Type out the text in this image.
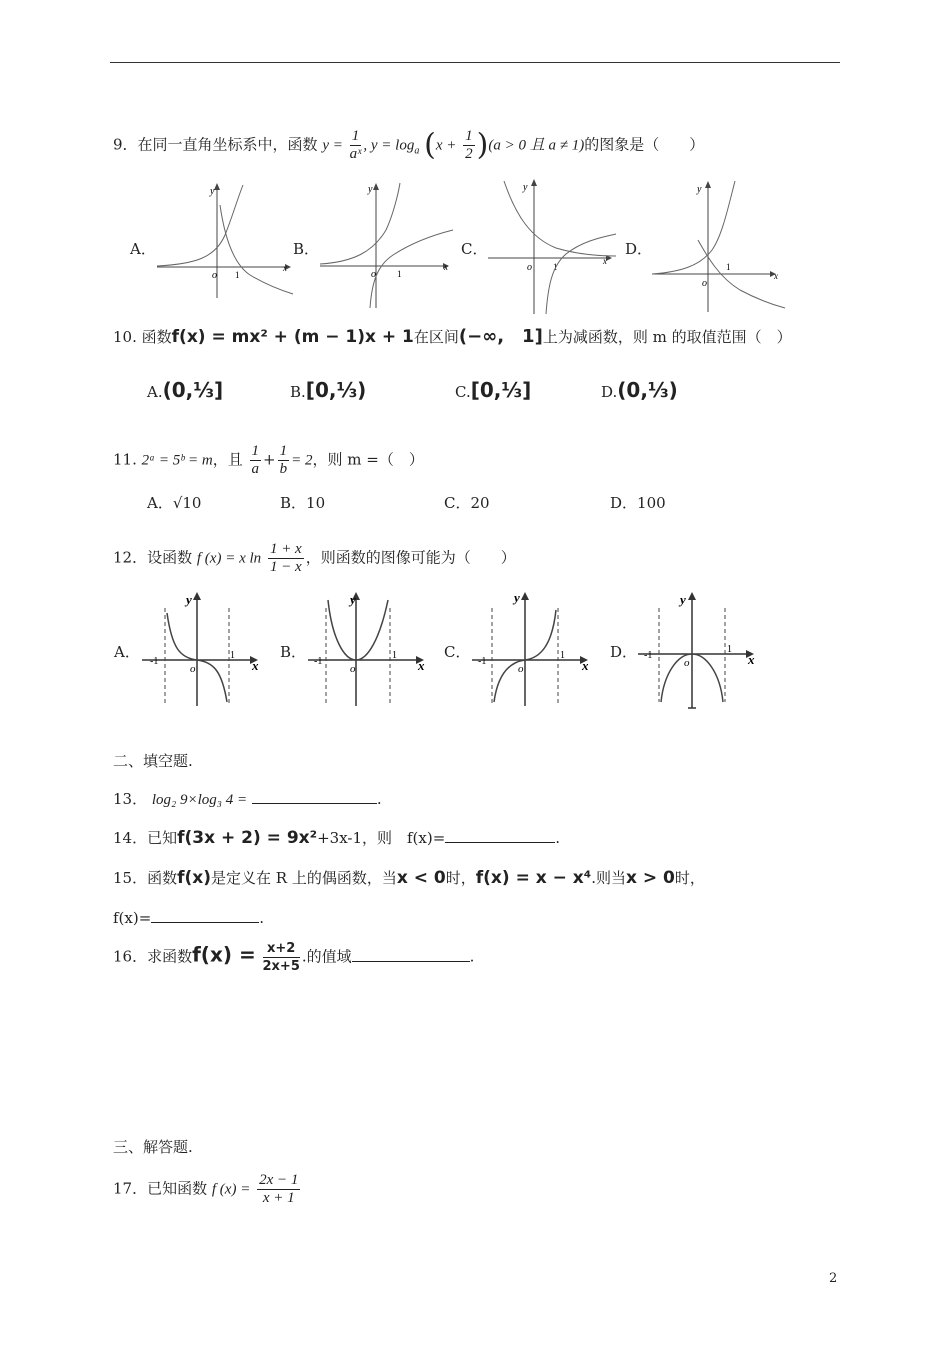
9．在同一直角坐标系中，函数 $y = \frac{1}{\text{aˣ}}$ , $y = \log_a (x + \frac{1}{2} )(a > 0$ 且 a ≠ 1)的图象是（　　）
A．	B．	C．	D．
y
x
o 1
y
x
o 1
y
x
o 1
y
x
o
1
10. 函数f(x) = mx² + (m − 1)x + 1在区间(−∞,　1]上为减函数，则 m 的取值范围（　）
A.(0,⅓]	B.[0,⅓)	C.[0,⅓]	D.(0,⅓)
11. 2ᵃ = 5ᵇ = m，且 $\frac{1}{a} + \frac{1}{b} = 2$，则 m =（　）
A．√10	B．10	C．20	D．100
12．设函数 f (x) = x $\ln \frac{1 + x}{1 - x}$ ，则函数的图像可能为（　　）
A．	B．	C．	D．
y
x
-1
1
o
y
x
-1
1
o
y
x
-1
1
o
y
x
-1
1
o
二、填空题.
13． log₂ 9×log₃ 4 =	.
14．已知f(3x + 2) = 9x²+3x-1，则　f(x)=	.
15．函数f(x)是定义在 R 上的偶函数，当x < 0时，f(x) = x − x⁴.则当x > 0时，
f(x)=	.
16．求函数$f(x) = \frac{x+2}{2x+5}$ .的值域	.
三、解答题.
17．已知函数 f $(x) = \frac{2x - 1}{x + 1}$
2
